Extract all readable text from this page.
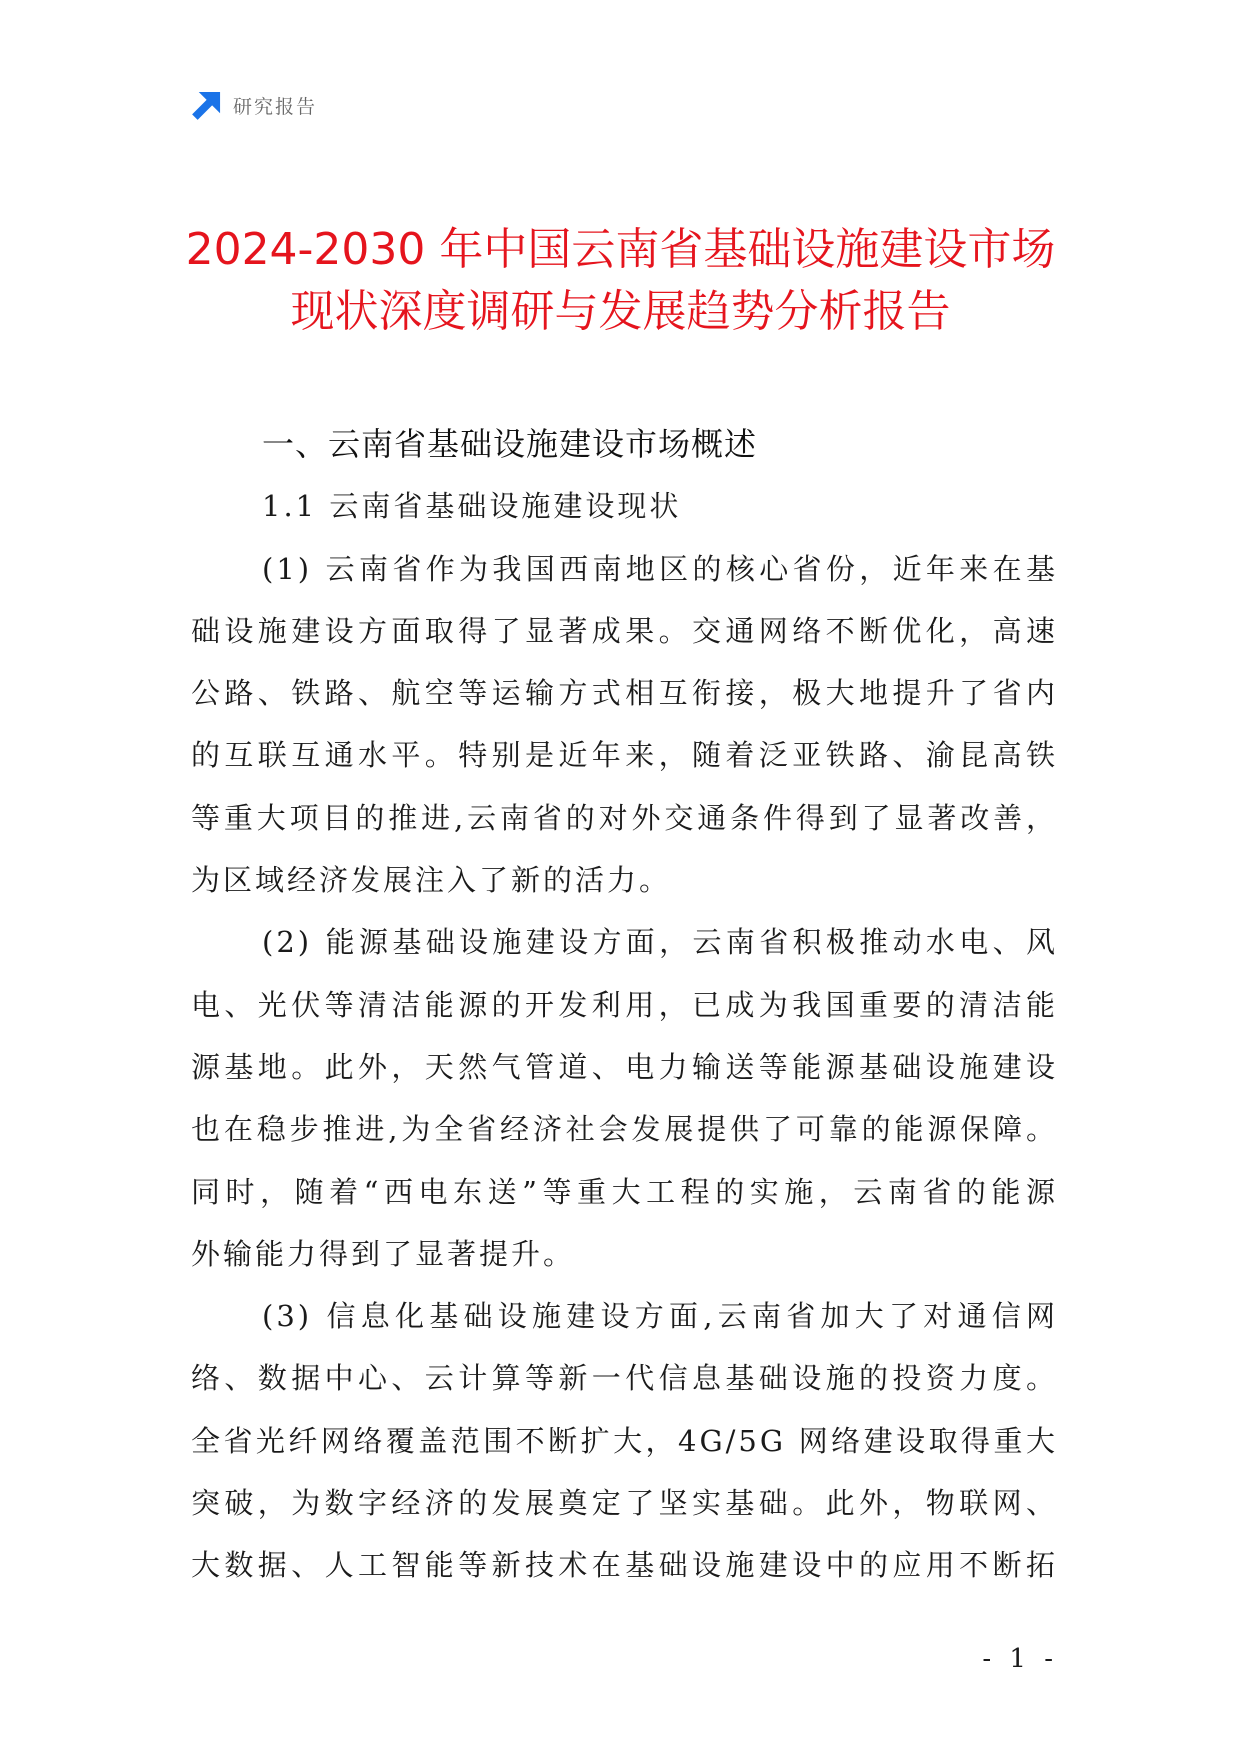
研究报告
2024-2030 年中国云南省基础设施建设市场
现状深度调研与发展趋势分析报告
一、云南省基础设施建设市场概述
1.1 云南省基础设施建设现状
(1) 云南省作为我国西南地区的核心省份，近年来在基
础设施建设方面取得了显著成果。交通网络不断优化，高速
公路、铁路、航空等运输方式相互衔接，极大地提升了省内
的互联互通水平。特别是近年来，随着泛亚铁路、渝昆高铁
等重大项目的推进,云南省的对外交通条件得到了显著改善，
为区域经济发展注入了新的活力。
(2) 能源基础设施建设方面，云南省积极推动水电、风
电、光伏等清洁能源的开发利用，已成为我国重要的清洁能
源基地。此外，天然气管道、电力输送等能源基础设施建设
也在稳步推进,为全省经济社会发展提供了可靠的能源保障。
同时，随着“西电东送”等重大工程的实施，云南省的能源
外输能力得到了显著提升。
(3) 信息化基础设施建设方面,云南省加大了对通信网
络、数据中心、云计算等新一代信息基础设施的投资力度。
全省光纤网络覆盖范围不断扩大，4G/5G 网络建设取得重大
突破，为数字经济的发展奠定了坚实基础。此外，物联网、
大数据、人工智能等新技术在基础设施建设中的应用不断拓
- 1 -
